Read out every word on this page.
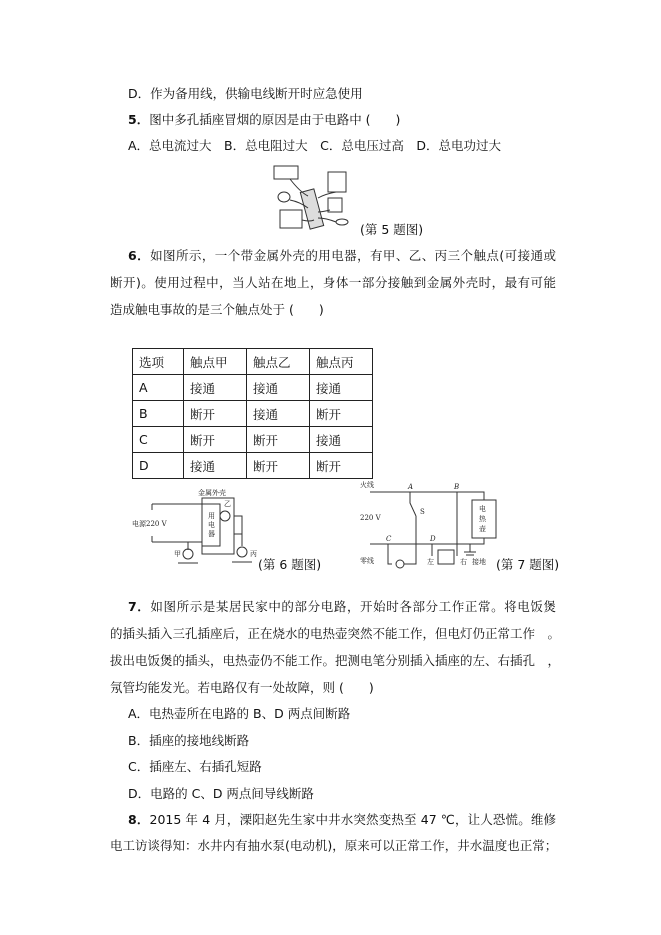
D．作为备用线，供输电线断开时应急使用
5．图中多孔插座冒烟的原因是由于电路中 (　　)
A．总电流过大　B．总电阻过大　C．总电压过高　D．总电功过大
(第 5 题图)
6．如图所示，一个带金属外壳的用电器，有甲、乙、丙三个触点(可接通或
断开)。使用过程中，当人站在地上，身体一部分接触到金属外壳时，最有可能
造成触电事故的是三个触点处于 (　　)
选项	触点甲	触点乙	触点丙
A	接通	接通	接通
B	断开	接通	断开
C	断开	断开	接通
D	接通	断开	断开
金属外壳
用
电
器
电源220 V
乙
甲	丙
(第 6 题图)
火线
零线
220 V
电
热
壶
A	B
C	D
S
左	右 接地 (第 7 题图)
7．如图所示是某居民家中的部分电路，开始时各部分工作正常。将电饭煲
的插头插入三孔插座后，正在烧水的电热壶突然不能工作，但电灯仍正常工作　。
拔出电饭煲的插头，电热壶仍不能工作。把测电笔分别插入插座的左、右插孔　，
氖管均能发光。若电路仅有一处故障，则 (　　)
A．电热壶所在电路的 B、D 两点间断路
B．插座的接地线断路
C．插座左、右插孔短路
D．电路的 C、D 两点间导线断路
8．2015 年 4 月，溧阳赵先生家中井水突然变热至 47 ℃，让人恐慌。维修
电工访谈得知：水井内有抽水泵(电动机)，原来可以正常工作，井水温度也正常；
